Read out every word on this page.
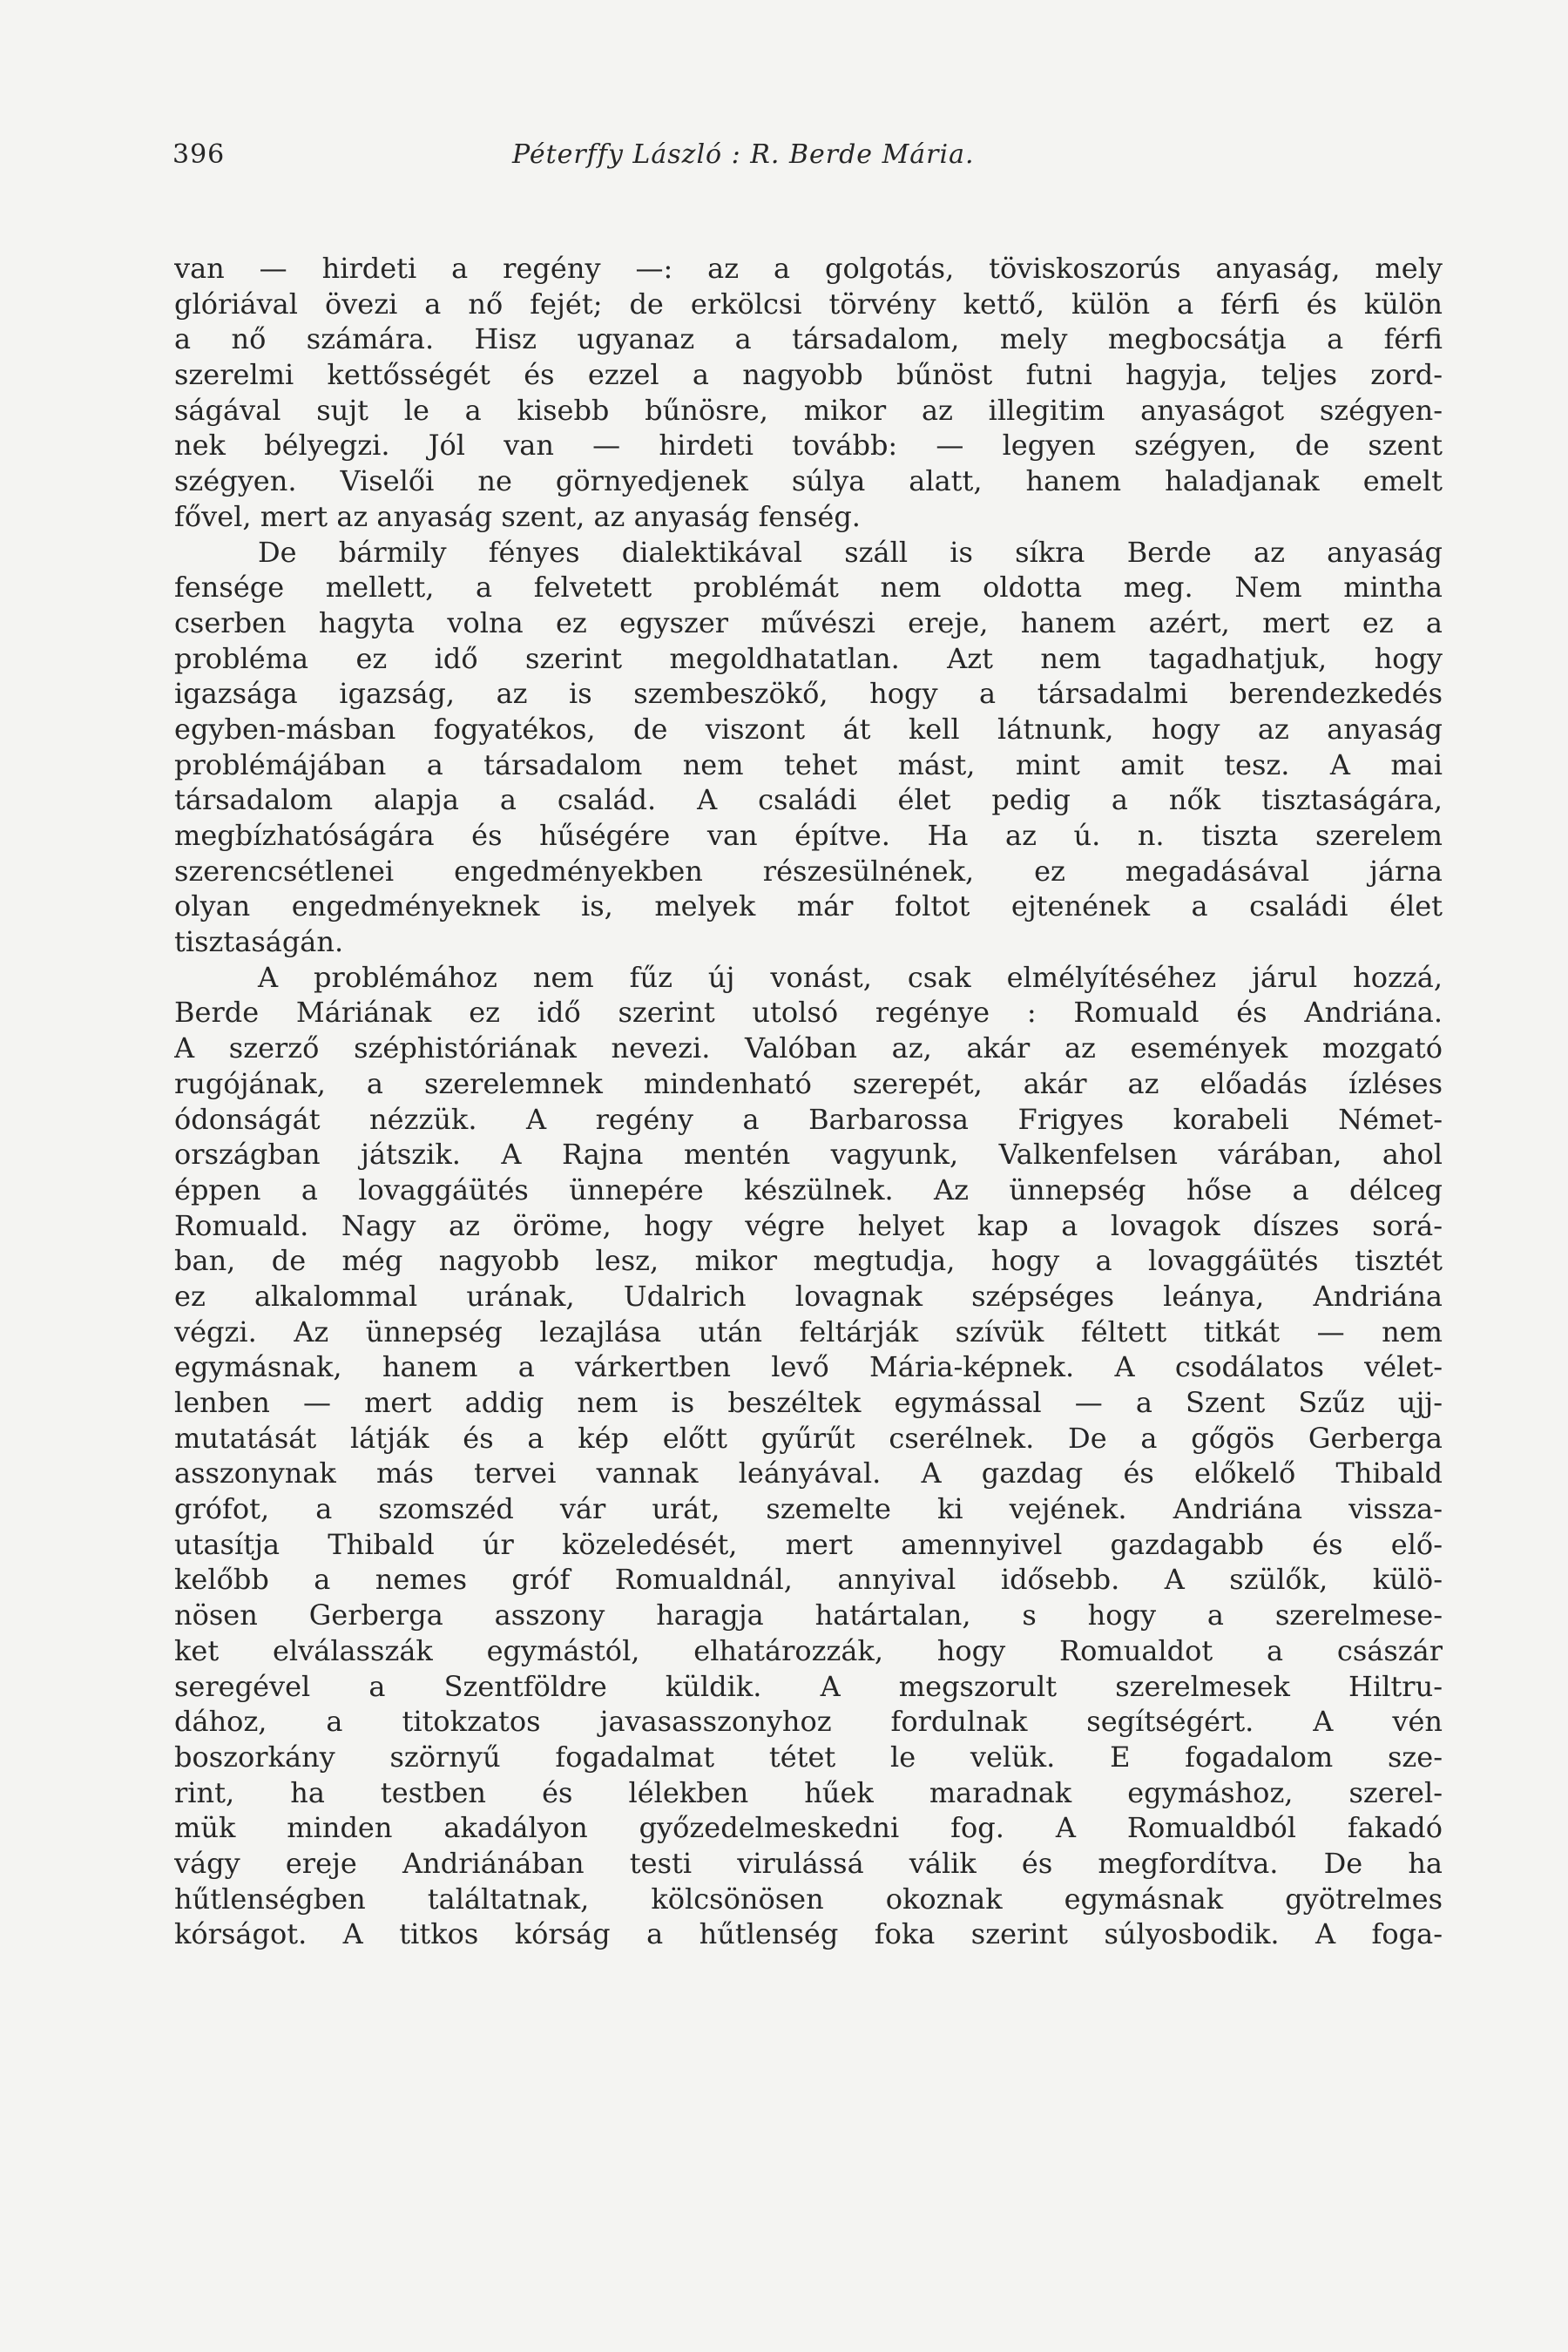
396	Péterffy László : R. Berde Mária.
van — hirdeti a regény —: az a golgotás, töviskoszorús anyaság, mely
glóriával övezi a nő fejét; de erkölcsi törvény kettő, külön a férfi és külön
a nő számára. Hisz ugyanaz a társadalom, mely megbocsátja a férfi
szerelmi kettősségét és ezzel a nagyobb bűnöst futni hagyja, teljes zord-
ságával sujt le a kisebb bűnösre, mikor az illegitim anyaságot szégyen-
nek bélyegzi. Jól van — hirdeti tovább: — legyen szégyen, de szent
szégyen. Viselői ne görnyedjenek súlya alatt, hanem haladjanak emelt
fővel, mert az anyaság szent, az anyaság fenség.
De bármily fényes dialektikával száll is síkra Berde az anyaság
fensége mellett, a felvetett problémát nem oldotta meg. Nem mintha
cserben hagyta volna ez egyszer művészi ereje, hanem azért, mert ez a
probléma ez idő szerint megoldhatatlan. Azt nem tagadhatjuk, hogy
igazsága igazság, az is szembeszökő, hogy a társadalmi berendezkedés
egyben-másban fogyatékos, de viszont át kell látnunk, hogy az anyaság
problémájában a társadalom nem tehet mást, mint amit tesz. A mai
társadalom alapja a család. A családi élet pedig a nők tisztaságára,
megbízhatóságára és hűségére van építve. Ha az ú. n. tiszta szerelem
szerencsétlenei engedményekben részesülnének, ez megadásával járna
olyan engedményeknek is, melyek már foltot ejtenének a családi élet
tisztaságán.
A problémához nem fűz új vonást, csak elmélyítéséhez járul hozzá,
Berde Máriának ez idő szerint utolsó regénye : Romuald és Andriána.
A szerző széphistóriának nevezi. Valóban az, akár az események mozgató
rugójának, a szerelemnek mindenható szerepét, akár az előadás ízléses
ódonságát nézzük. A regény a Barbarossa Frigyes korabeli Német-
országban játszik. A Rajna mentén vagyunk, Valkenfelsen várában, ahol
éppen a lovaggáütés ünnepére készülnek. Az ünnepség hőse a délceg
Romuald. Nagy az öröme, hogy végre helyet kap a lovagok díszes sorá-
ban, de még nagyobb lesz, mikor megtudja, hogy a lovaggáütés tisztét
ez alkalommal urának, Udalrich lovagnak szépséges leánya, Andriána
végzi. Az ünnepség lezajlása után feltárják szívük féltett titkát — nem
egymásnak, hanem a várkertben levő Mária-képnek. A csodálatos vélet-
lenben — mert addig nem is beszéltek egymással — a Szent Szűz ujj-
mutatását látják és a kép előtt gyűrűt cserélnek. De a gőgös Gerberga
asszonynak más tervei vannak leányával. A gazdag és előkelő Thibald
grófot, a szomszéd vár urát, szemelte ki vejének. Andriána vissza-
utasítja Thibald úr közeledését, mert amennyivel gazdagabb és elő-
kelőbb a nemes gróf Romualdnál, annyival idősebb. A szülők, külö-
nösen Gerberga asszony haragja határtalan, s hogy a szerelmese-
ket elválasszák egymástól, elhatározzák, hogy Romualdot a császár
seregével a Szentföldre küldik. A megszorult szerelmesek Hiltru-
dához, a titokzatos javasasszonyhoz fordulnak segítségért. A vén
boszorkány szörnyű fogadalmat tétet le velük. E fogadalom sze-
rint, ha testben és lélekben hűek maradnak egymáshoz, szerel-
mük minden akadályon győzedelmeskedni fog. A Romualdból fakadó
vágy ereje Andriánában testi virulássá válik és megfordítva. De ha
hűtlenségben találtatnak, kölcsönösen okoznak egymásnak gyötrelmes
kórságot. A titkos kórság a hűtlenség foka szerint súlyosbodik. A foga-
